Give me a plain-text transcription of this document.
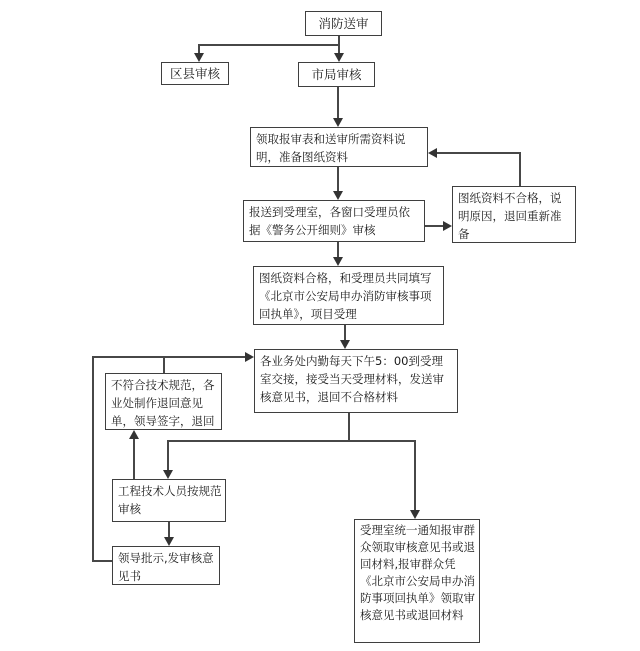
消防送审
区县审核	市局审核
领取报审表和送审所需资料说明，准备图纸资料
报送到受理室，各窗口受理员依据《警务公开细则》审核
图纸资料不合格，说明原因，退回重新准备
图纸资料合格，和受理员共同填写《北京市公安局申办消防审核事项回执单》，项目受理
各业务处内勤每天下午5：00到受理室交接，接受当天受理材料，发送审核意见书，退回不合格材料
不符合技术规范，各业处制作退回意见单，领导签字，退回
工程技术人员按规范审核
领导批示,发审核意见书
受理室统一通知报审群众领取审核意见书或退回材料,报审群众凭《北京市公安局申办消防事项回执单》领取审核意见书或退回材料
